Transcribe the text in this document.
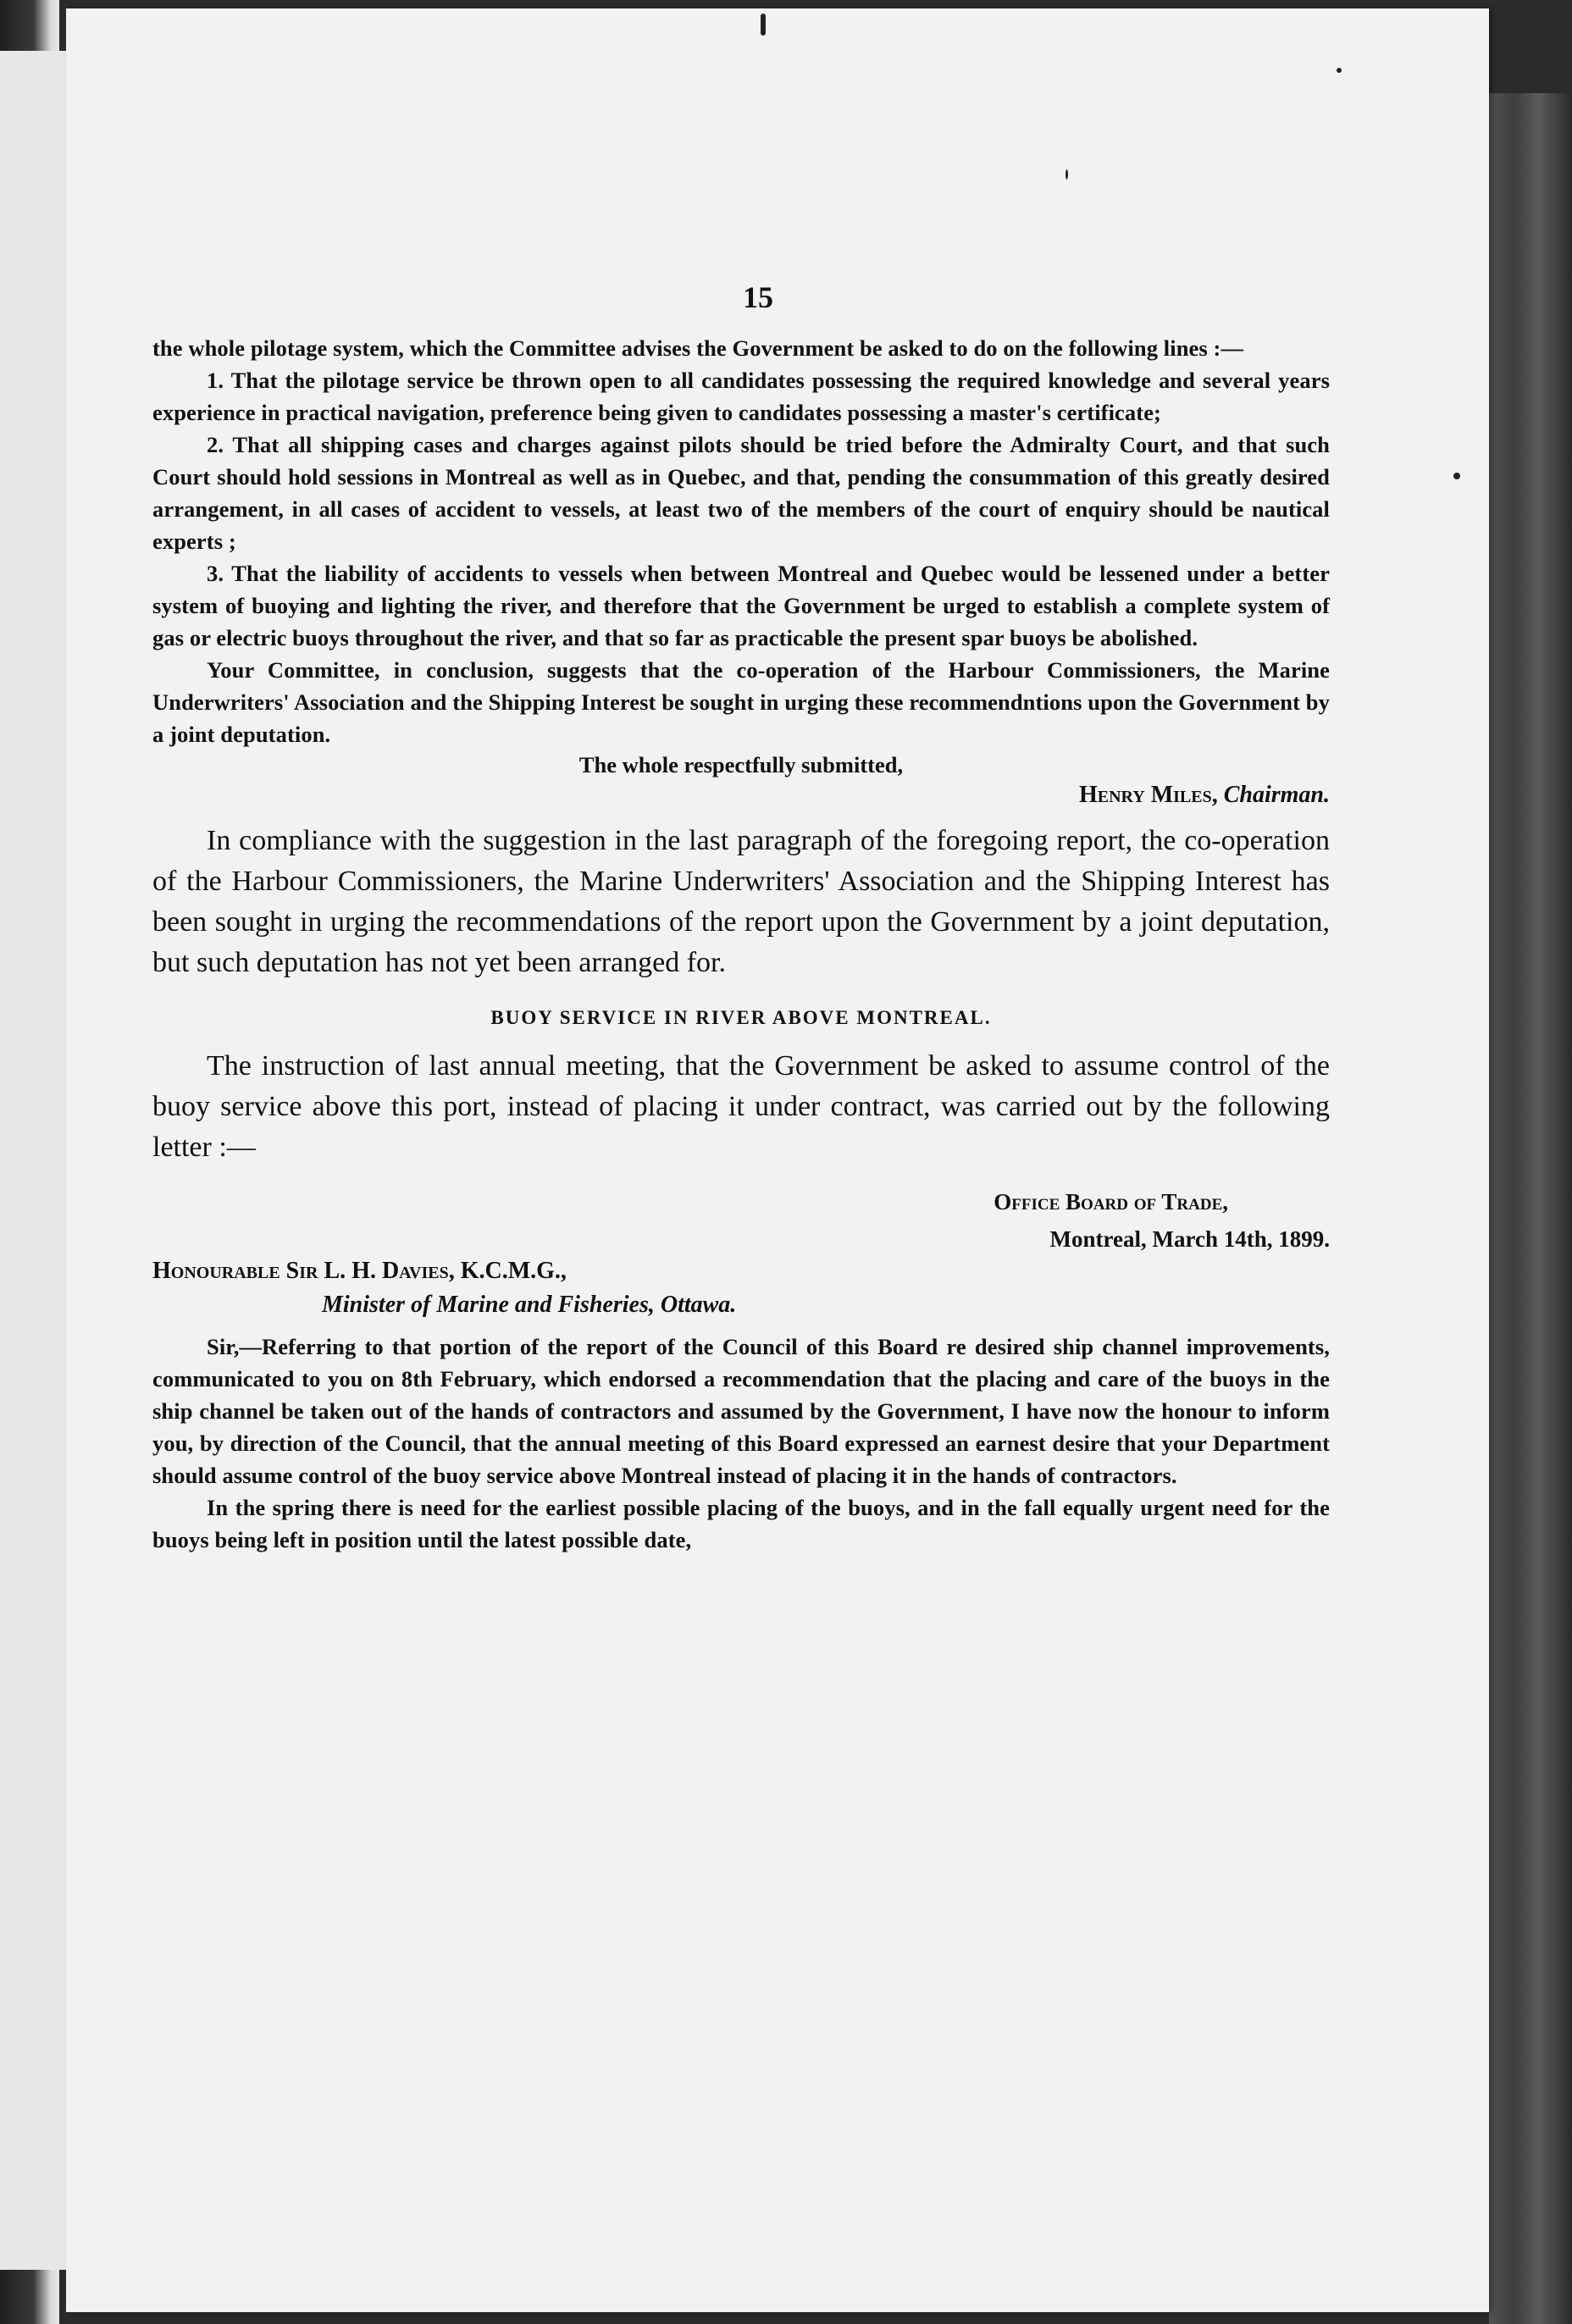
15

the whole pilotage system, which the Committee advises the Government be asked to do on the following lines :—

1. That the pilotage service be thrown open to all candidates possessing the required knowledge and several years experience in practical navigation, preference being given to candidates possessing a master's certificate;

2. That all shipping cases and charges against pilots should be tried before the Admiralty Court, and that such Court should hold sessions in Montreal as well as in Quebec, and that, pending the consummation of this greatly desired arrangement, in all cases of accident to vessels, at least two of the members of the court of enquiry should be nautical experts ;

3. That the liability of accidents to vessels when between Montreal and Quebec would be lessened under a better system of buoying and lighting the river, and therefore that the Government be urged to establish a complete system of gas or electric buoys throughout the river, and that so far as practicable the present spar buoys be abolished.

Your Committee, in conclusion, suggests that the co-operation of the Harbour Commissioners, the Marine Underwriters' Association and the Shipping Interest be sought in urging these recommendntions upon the Government by a joint deputation.

The whole respectfully submitted,
Henry Miles, Chairman.

In compliance with the suggestion in the last paragraph of the foregoing report, the co-operation of the Harbour Commissioners, the Marine Underwriters' Association and the Shipping Interest has been sought in urging the recommendations of the report upon the Government by a joint deputation, but such deputation has not yet been arranged for.

BUOY SERVICE IN RIVER ABOVE MONTREAL.

The instruction of last annual meeting, that the Government be asked to assume control of the buoy service above this port, instead of placing it under contract, was carried out by the following letter :—

Office Board of Trade,
Montreal, March 14th, 1899.
Honourable Sir L. H. Davies, K.C.M.G.,
Minister of Marine and Fisheries, Ottawa.

Sir,—Referring to that portion of the report of the Council of this Board re desired ship channel improvements, communicated to you on 8th February, which endorsed a recommendation that the placing and care of the buoys in the ship channel be taken out of the hands of contractors and assumed by the Government, I have now the honour to inform you, by direction of the Council, that the annual meeting of this Board expressed an earnest desire that your Department should assume control of the buoy service above Montreal instead of placing it in the hands of contractors.

In the spring there is need for the earliest possible placing of the buoys, and in the fall equally urgent need for the buoys being left in position until the latest possible date,
